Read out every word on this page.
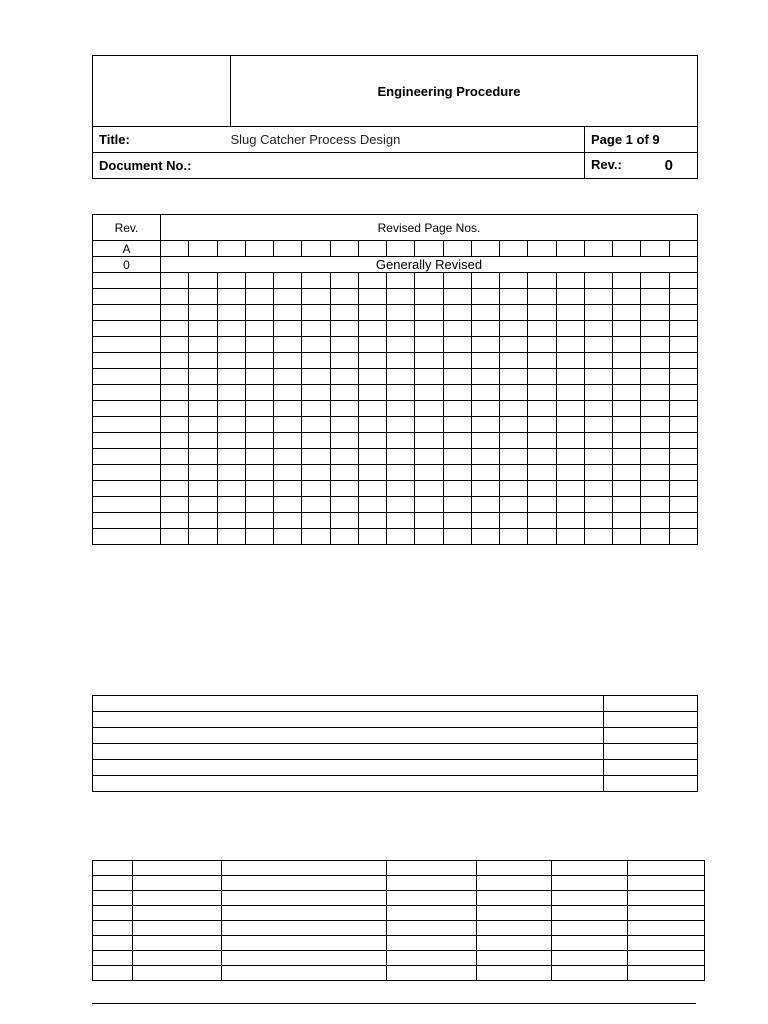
	Engineering Procedure	
Title:	Slug Catcher Process Design	Page 1 of 9
Document No.:		Rev.: 0
Rev.	Revised Page Nos.																		
A																			
0	Generally Revised																		
